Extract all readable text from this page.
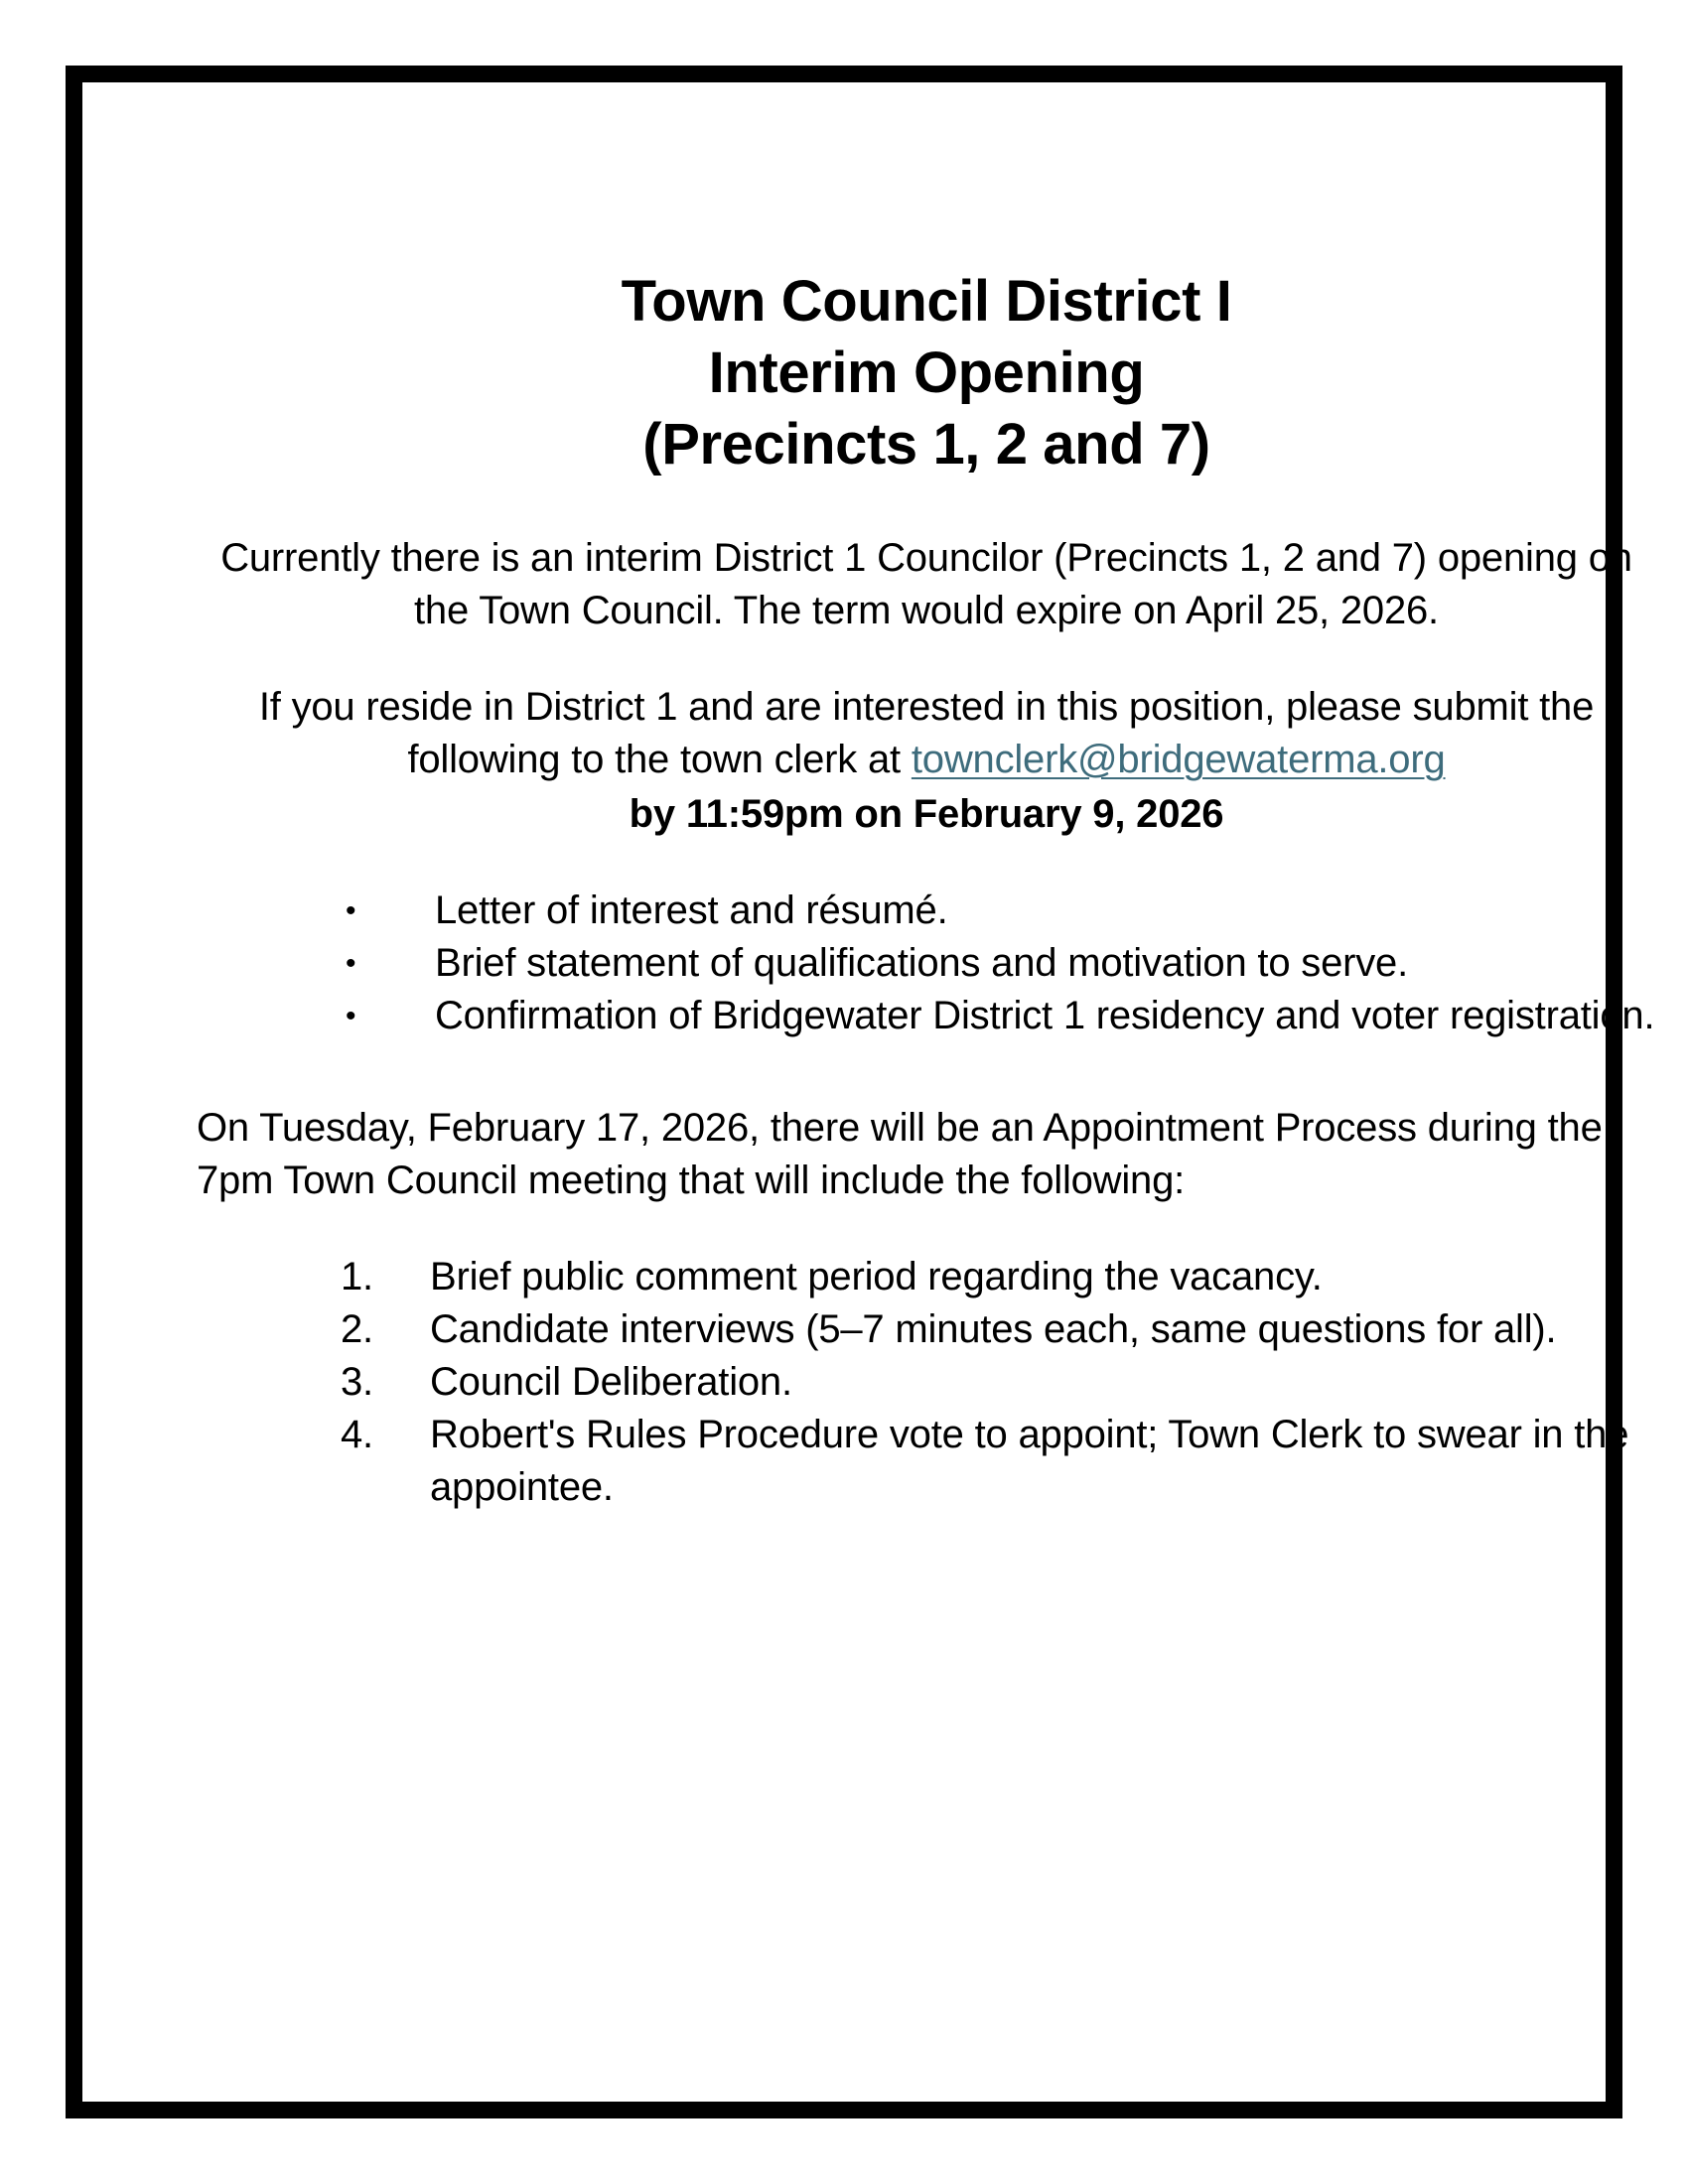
Town Council District I
Interim Opening
(Precincts 1, 2 and 7)
Currently there is an interim District 1 Councilor (Precincts 1, 2 and 7) opening on the Town Council. The term would expire on April 25, 2026.
If you reside in District 1 and are interested in this position, please submit the following to the town clerk at townclerk@bridgewaterma.org
by 11:59pm on February 9, 2026
•	Letter of interest and résumé.
•	Brief statement of qualifications and motivation to serve.
•	Confirmation of Bridgewater District 1 residency and voter registration.
On Tuesday, February 17, 2026, there will be an Appointment Process during the 7pm Town Council meeting that will include the following:
1.	Brief public comment period regarding the vacancy.
2.	Candidate interviews (5–7 minutes each, same questions for all).
3.	Council Deliberation.
4.	Robert's Rules Procedure vote to appoint; Town Clerk to swear in the appointee.
